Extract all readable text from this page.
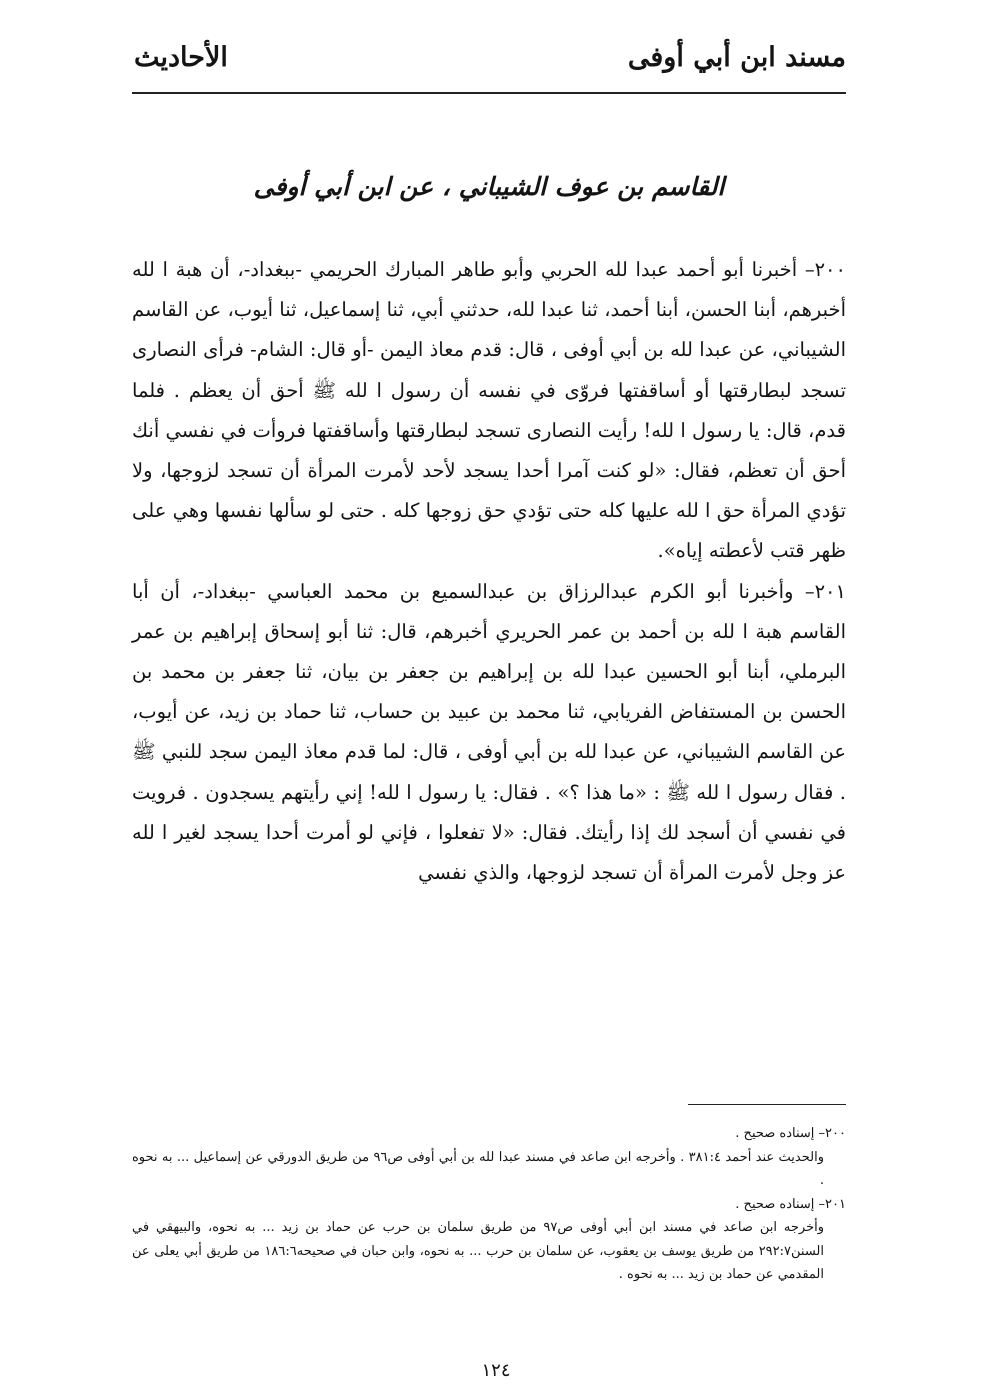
مسند ابن أبي أوفى
الأحاديث
القاسم بن عوف الشيباني ، عن ابن أبي أوفى

٢٠٠– أخبرنا أبو أحمد عبدا لله الحربي وأبو طاهر المبارك الحريمي -ببغداد-، أن هبة ا لله أخبرهم، أبنا الحسن، أبنا أحمد، ثنا عبدا لله، حدثني أبي، ثنا إسماعيل، ثنا أيوب، عن القاسم الشيباني، عن عبدا لله بن أبي أوفى ، قال: قدم معاذ اليمن -أو قال: الشام- فرأى النصارى تسجد لبطارقتها أو أساقفتها فروّى في نفسه أن رسول ا لله ﷺ أحق أن يعظم . فلما قدم، قال: يا رسول ا لله! رأيت النصارى تسجد لبطارقتها وأساقفتها فروأت في نفسي أنك أحق أن تعظم، فقال: «لو كنت آمرا أحدا يسجد لأحد لأمرت المرأة أن تسجد لزوجها، ولا تؤدي المرأة حق ا لله عليها كله حتى تؤدي حق زوجها كله . حتى لو سألها نفسها وهي على ظهر قتب لأعطته إياه».

٢٠١– وأخبرنا أبو الكرم عبدالرزاق بن عبدالسميع بن محمد العباسي -ببغداد-، أن أبا القاسم هبة ا لله بن أحمد بن عمر الحريري أخبرهم، قال: ثنا أبو إسحاق إبراهيم بن عمر البرملي، أبنا أبو الحسين عبدا لله بن إبراهيم بن جعفر بن بيان، ثنا جعفر بن محمد بن الحسن بن المستفاض الفريابي، ثنا محمد بن عبيد بن حساب، ثنا حماد بن زيد، عن أيوب، عن القاسم الشيباني، عن عبدا لله بن أبي أوفى ، قال: لما قدم معاذ اليمن سجد للنبي ﷺ . فقال رسول ا لله ﷺ : «ما هذا ؟» . فقال: يا رسول ا لله! إني رأيتهم يسجدون . فرويت في نفسي أن أسجد لك إذا رأيتك. فقال: «لا تفعلوا ، فإني لو أمرت أحدا يسجد لغير ا لله عز وجل لأمرت المرأة أن تسجد لزوجها، والذي نفسي

٢٠٠– إسناده صحيح .

والحديث عند أحمد ٣٨١:٤ . وأخرجه ابن صاعد في مسند عبدا لله بن أبي أوفى ص٩٦ من طريق الدورقي عن إسماعيل ... به نحوه .

٢٠١– إسناده صحيح .

وأخرجه ابن صاعد في مسند ابن أبي أوفى ص٩٧ من طريق سلمان بن حرب عن حماد بن زيد ... به نحوه، والبيهقي في السنن٢٩٢:٧ من طريق يوسف بن يعقوب، عن سلمان بن حرب ... به نحوه، وابن حبان في صحيحه١٨٦:٦ من طريق أبي يعلى عن المقدمي عن حماد بن زيد ... به نحوه .

١٢٤
